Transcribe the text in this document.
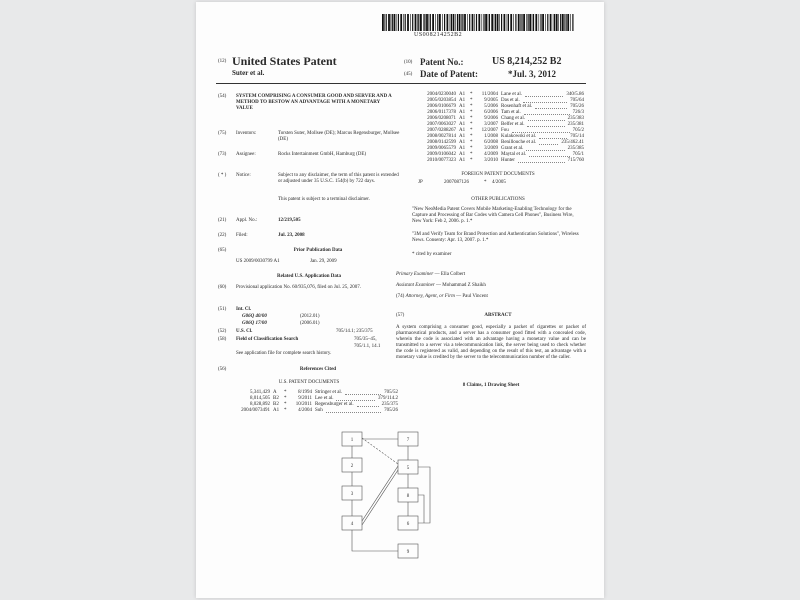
US008214252B2
(12) United States Patent
Suter et al.
(10) Patent No.:	US 8,214,252 B2
(45) Date of Patent:	*Jul. 3, 2012
(54) SYSTEM COMPRISING A CONSUMER GOOD AND SERVER AND A METHOD TO BESTOW AN ADVANTAGE WITH A MONETARY VALUE
(75) Inventors:	Torsten Suter, Mollsee (DE); Marcus Regensburger, Mollsee (DE)
(73) Assignee:	Rocks Intertainment GmbH, Hamburg (DE)
( * ) Notice:	Subject to any disclaimer, the term of this patent is extended or adjusted under 35 U.S.C. 154(b) by 722 days.
This patent is subject to a terminal disclaimer.
(21) Appl. No.:	12/219,505
(22) Filed:	Jul. 23, 2008
(65)	Prior Publication Data
US 2009/0030799 A1	Jan. 29, 2009
Related U.S. Application Data
(60) Provisional application No. 60/935,076, filed on Jul. 25, 2007.
(51) Int. Cl.
G06Q 40/00	(2012.01)
G06Q 17/00	(2006.01)
(52) U.S. Cl.	705/14.1; 235/375
(58) Field of Classification Search	705/35–45,
705/1.1, 14.1
See application file for complete search history.
(56)	References Cited
U.S. PATENT DOCUMENTS
5,341,429 A	*	8/1994 Stringer et al.	705/52
8,014,505 B2	*	9/2011 Lee et al.	379/114.2
8,028,892 B2	*	10/2011 Regensburger et al.	235/375
2004/0073491 A1 *	4/2004 Suh	705/26
2004/0230040 A1 *	11/2004 Lane et al.	340/5.86
2005/0203854 A1 *	9/2005 Das et al.	705/64
2006/0106679 A1 *	5/2006 Rosenhaft et al.	705/26
2006/0117378 A1 *	6/2006 Tam et al.	726/3
2006/0208071 A1 *	9/2006 Chang et al.	235/383
2007/0063027 A1 *	3/2007 Belfer et al.	235/381
2007/0288267 A1 *	12/2007 Fou	705/2
2008/0027814 A1 *	1/2008 Kulakowski et al.	705/14
2008/0142599 A1 *	6/2008 Benillouche et al.	235/462.41
2009/0065579 A1 *	3/2009 Grant et al.	235/385
2009/0106042 A1 *	4/2009 Maytal et al.	705/1
2010/0077323 A1 *	3/2010 Hunter	715/760
FOREIGN PATENT DOCUMENTS
JP	2007087126	* 4/2005
OTHER PUBLICATIONS
"New NeoMedia Patent Covers Mobile Marketing-Enabling Technology for the Capture and Processing of Bar Codes with Camera Cell Phones", Business Wire, New York: Feb 2, 2006. p. 1.*
"3M and Verify Team for Brand Protection and Authentication Solutions", Wireless News. Consenty: Apr. 13, 2007. p. 1.*
* cited by examiner
Primary Examiner — Ella Colbert
Assistant Examiner — Mohammad Z Shaikh
(74) Attorney, Agent, or Firm — Paul Vincent
(57)	ABSTRACT
A system comprising a consumer good, especially a packet of cigarettes or packet of pharmaceutical products, and a server has a consumer good fitted with a concealed code, wherein the code is associated with an advantage having a monetary value and can be transmitted to a server via a telecommunication link, the server being used to check whether the code is registered as valid, and depending on the result of this test, an advantage with a monetary value is credited by the server to the telecommunication number of the caller.
8 Claims, 1 Drawing Sheet
1
2
3
4
7
5
8
6
9
